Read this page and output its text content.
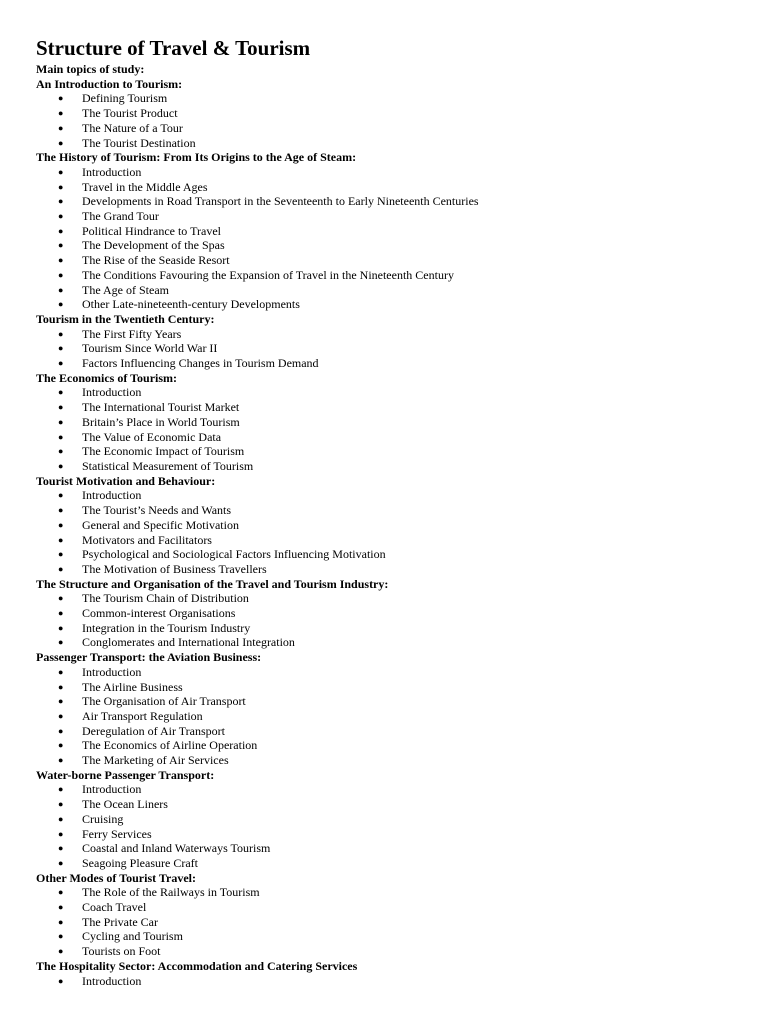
Structure of Travel & Tourism
Main topics of study:
An Introduction to Tourism:
● Defining Tourism
● The Tourist Product
● The Nature of a Tour
● The Tourist Destination
The History of Tourism: From Its Origins to the Age of Steam:
● Introduction
● Travel in the Middle Ages
● Developments in Road Transport in the Seventeenth to Early Nineteenth Centuries
● The Grand Tour
● Political Hindrance to Travel
● The Development of the Spas
● The Rise of the Seaside Resort
● The Conditions Favouring the Expansion of Travel in the Nineteenth Century
● The Age of Steam
● Other Late-nineteenth-century Developments
Tourism in the Twentieth Century:
● The First Fifty Years
● Tourism Since World War II
● Factors Influencing Changes in Tourism Demand
The Economics of Tourism:
● Introduction
● The International Tourist Market
● Britain’s Place in World Tourism
● The Value of Economic Data
● The Economic Impact of Tourism
● Statistical Measurement of Tourism
Tourist Motivation and Behaviour:
● Introduction
● The Tourist’s Needs and Wants
● General and Specific Motivation
● Motivators and Facilitators
● Psychological and Sociological Factors Influencing Motivation
● The Motivation of Business Travellers
The Structure and Organisation of the Travel and Tourism Industry:
● The Tourism Chain of Distribution
● Common-interest Organisations
● Integration in the Tourism Industry
● Conglomerates and International Integration
Passenger Transport: the Aviation Business:
● Introduction
● The Airline Business
● The Organisation of Air Transport
● Air Transport Regulation
● Deregulation of Air Transport
● The Economics of Airline Operation
● The Marketing of Air Services
Water-borne Passenger Transport:
● Introduction
● The Ocean Liners
● Cruising
● Ferry Services
● Coastal and Inland Waterways Tourism
● Seagoing Pleasure Craft
Other Modes of Tourist Travel:
● The Role of the Railways in Tourism
● Coach Travel
● The Private Car
● Cycling and Tourism
● Tourists on Foot
The Hospitality Sector: Accommodation and Catering Services
● Introduction
